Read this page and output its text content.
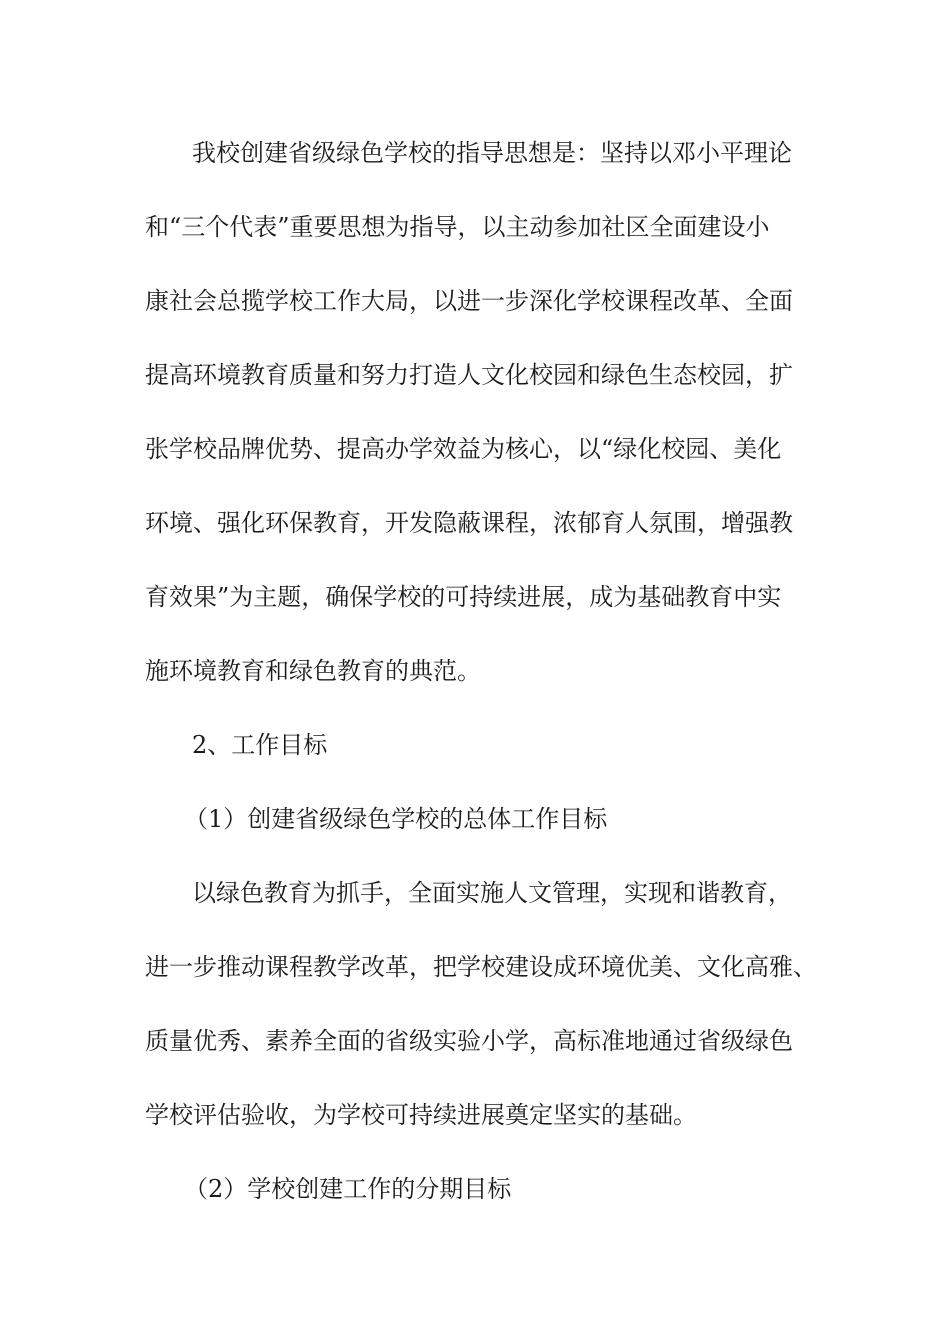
我校创建省级绿色学校的指导思想是：坚持以邓小平理论
和“三个代表”重要思想为指导，以主动参加社区全面建设小
康社会总揽学校工作大局，以进一步深化学校课程改革、全面
提高环境教育质量和努力打造人文化校园和绿色生态校园，扩
张学校品牌优势、提高办学效益为核心，以“绿化校园、美化
环境、强化环保教育，开发隐蔽课程，浓郁育人氛围，增强教
育效果”为主题，确保学校的可持续进展，成为基础教育中实
施环境教育和绿色教育的典范。
2、工作目标
（1）创建省级绿色学校的总体工作目标
以绿色教育为抓手，全面实施人文管理，实现和谐教育，
进一步推动课程教学改革，把学校建设成环境优美、文化高雅、
质量优秀、素养全面的省级实验小学，高标准地通过省级绿色
学校评估验收，为学校可持续进展奠定坚实的基础。
（2）学校创建工作的分期目标
